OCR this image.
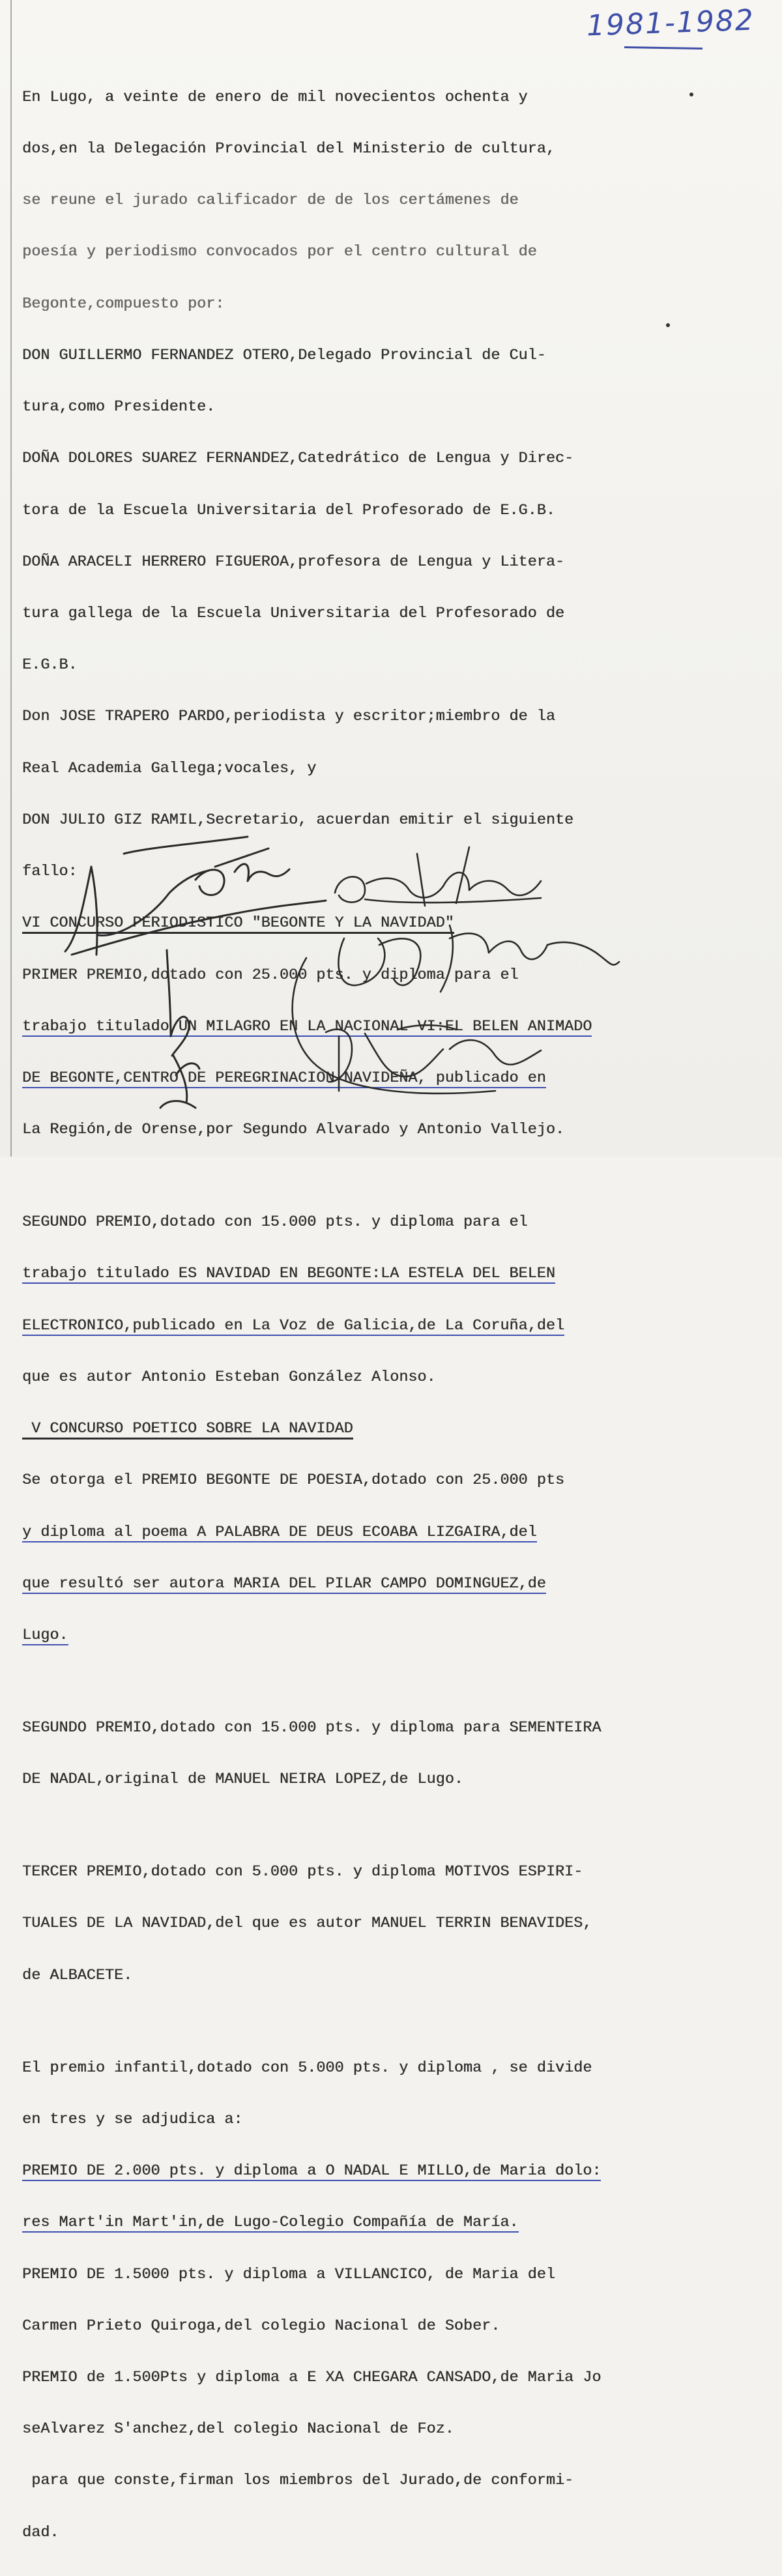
1981-1982

En Lugo, a veinte de enero de mil novecientos ochenta y

dos,en la Delegación Provincial del Ministerio de cultura,

se reune el jurado calificador de de los certámenes de

poesía y periodismo convocados por el centro cultural de

Begonte,compuesto por:

DON GUILLERMO FERNANDEZ OTERO,Delegado Provincial de Cul-

tura,como Presidente.

DOÑA DOLORES SUAREZ FERNANDEZ,Catedrático de Lengua y Direc-

tora de la Escuela Universitaria del Profesorado de E.G.B.

DOÑA ARACELI HERRERO FIGUEROA,profesora de Lengua y Litera-

tura gallega de la Escuela Universitaria del Profesorado de

E.G.B.

Don JOSE TRAPERO PARDO,periodista y escritor;miembro de la

Real Academia Gallega;vocales, y

DON JULIO GIZ RAMIL,Secretario, acuerdan emitir el siguiente

fallo:

VI CONCURSO PERIODISTICO "BEGONTE Y LA NAVIDAD"

PRIMER PREMIO,dotado con 25.000 pts. y diploma para el

trabajo titulado UN MILAGRO EN LA NACIONAL VI:EL BELEN ANIMADO

DE BEGONTE,CENTRO DE PEREGRINACION NAVIDEÑA, publicado en

La Región,de Orense,por Segundo Alvarado y Antonio Vallejo.

SEGUNDO PREMIO,dotado con 15.000 pts. y diploma para el

trabajo titulado ES NAVIDAD EN BEGONTE:LA ESTELA DEL BELEN

ELECTRONICO,publicado en La Voz de Galicia,de La Coruña,del

que es autor Antonio Esteban González Alonso.

V CONCURSO POETICO SOBRE LA NAVIDAD

Se otorga el PREMIO BEGONTE DE POESIA,dotado con 25.000 pts

y diploma al poema A PALABRA DE DEUS ECOABA LIZGAIRA,del

que resultó ser autora MARIA DEL PILAR CAMPO DOMINGUEZ,de

Lugo.

SEGUNDO PREMIO,dotado con 15.000 pts. y diploma para SEMENTEIRA

DE NADAL,original de MANUEL NEIRA LOPEZ,de Lugo.

TERCER PREMIO,dotado con 5.000 pts. y diploma MOTIVOS ESPIRI-

TUALES DE LA NAVIDAD,del que es autor MANUEL TERRIN BENAVIDES,

de ALBACETE.

El premio infantil,dotado con 5.000 pts. y diploma , se divide

en tres y se adjudica a:

PREMIO DE 2.000 pts. y diploma a O NADAL E MILLO,de Maria dolo:

res Mart'in Mart'in,de Lugo-Colegio Compañía de María.

PREMIO DE 1.5000 pts. y diploma a VILLANCICO, de Maria del

Carmen Prieto Quiroga,del colegio Nacional de Sober.

PREMIO de 1.500Pts y diploma a E XA CHEGARA CANSADO,de Maria Jo

seAlvarez S'anchez,del colegio Nacional de Foz.

para que conste,firman los miembros del Jurado,de conformi-

dad.
